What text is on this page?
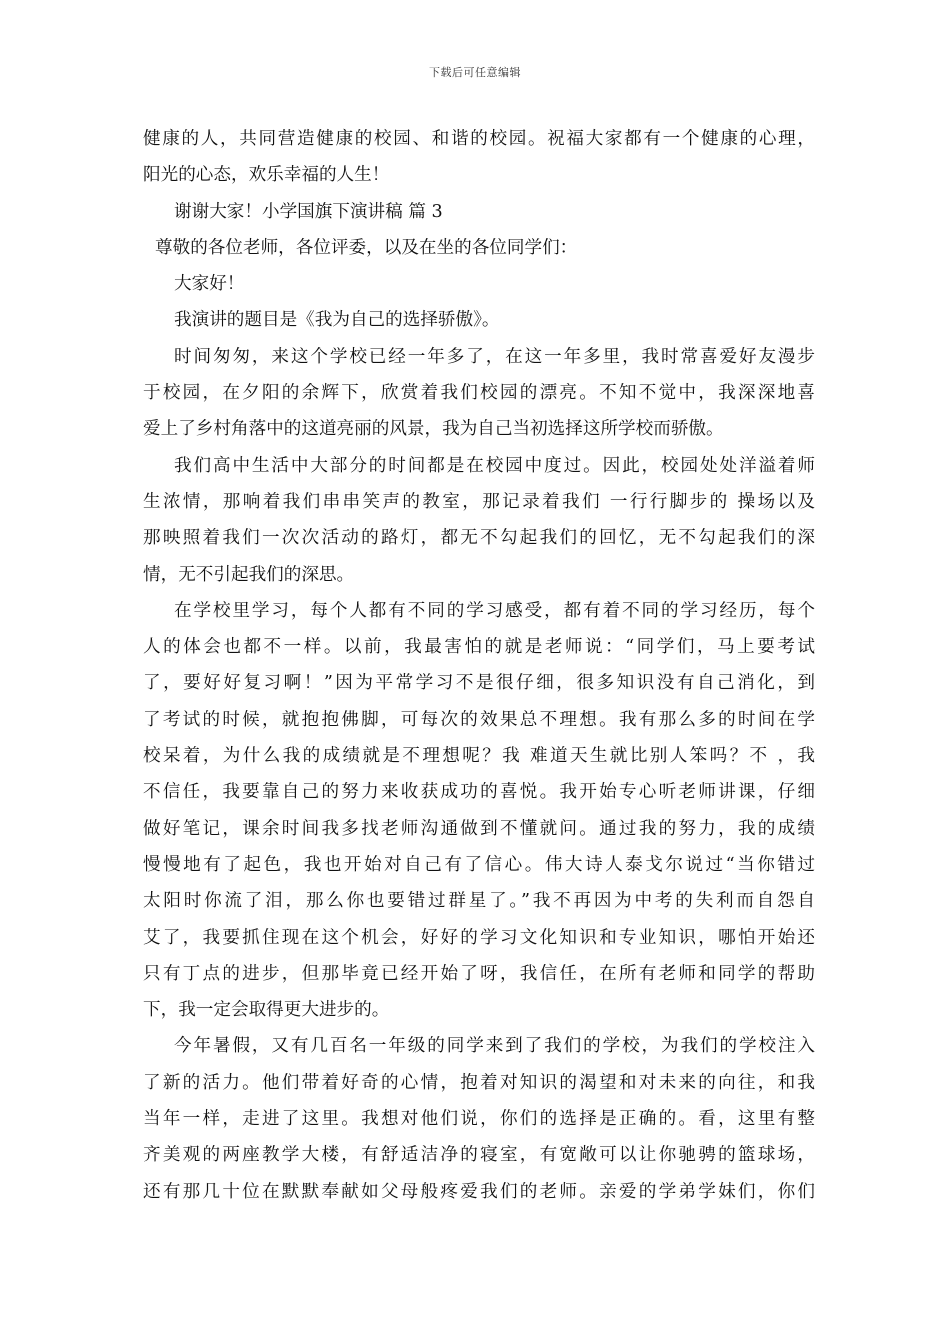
下载后可任意编辑
健康的人，共同营造健康的校园、和谐的校园。祝福大家都有一个健康的心理，
阳光的心态，欢乐幸福的人生！
谢谢大家！小学国旗下演讲稿 篇 3
尊敬的各位老师，各位评委，以及在坐的各位同学们：
大家好！
我演讲的题目是《我为自己的选择骄傲》。
时间匆匆，来这个学校已经一年多了，在这一年多里，我时常喜爱好友漫步
于校园，在夕阳的余辉下，欣赏着我们校园的漂亮。不知不觉中，我深深地喜
爱上了乡村角落中的这道亮丽的风景，我为自己当初选择这所学校而骄傲。
我们高中生活中大部分的时间都是在校园中度过。因此，校园处处洋溢着师
生浓情，那响着我们串串笑声的教室，那记录着我们 一行行脚步的 操场以及
那映照着我们一次次活动的路灯，都无不勾起我们的回忆，无不勾起我们的深
情，无不引起我们的深思。
在学校里学习，每个人都有不同的学习感受，都有着不同的学习经历，每个
人的体会也都不一样。以前，我最害怕的就是老师说：“同学们，马上要考试
了，要好好复习啊！”因为平常学习不是很仔细，很多知识没有自己消化，到
了考试的时候，就抱抱佛脚，可每次的效果总不理想。我有那么多的时间在学
校呆着，为什么我的成绩就是不理想呢？我 难道天生就比别人笨吗？不 ，我
不信任，我要靠自己的努力来收获成功的喜悦。我开始专心听老师讲课，仔细
做好笔记，课余时间我多找老师沟通做到不懂就问。通过我的努力，我的成绩
慢慢地有了起色，我也开始对自己有了信心。伟大诗人泰戈尔说过“当你错过
太阳时你流了泪，那么你也要错过群星了。”我不再因为中考的失利而自怨自
艾了，我要抓住现在这个机会，好好的学习文化知识和专业知识，哪怕开始还
只有丁点的进步，但那毕竟已经开始了呀，我信任，在所有老师和同学的帮助
下，我一定会取得更大进步的。
今年暑假，又有几百名一年级的同学来到了我们的学校，为我们的学校注入
了新的活力。他们带着好奇的心情，抱着对知识的渴望和对未来的向往，和我
当年一样，走进了这里。我想对他们说，你们的选择是正确的。看，这里有整
齐美观的两座教学大楼，有舒适洁净的寝室，有宽敞可以让你驰骋的篮球场，
还有那几十位在默默奉献如父母般疼爱我们的老师。亲爱的学弟学妹们，你们
